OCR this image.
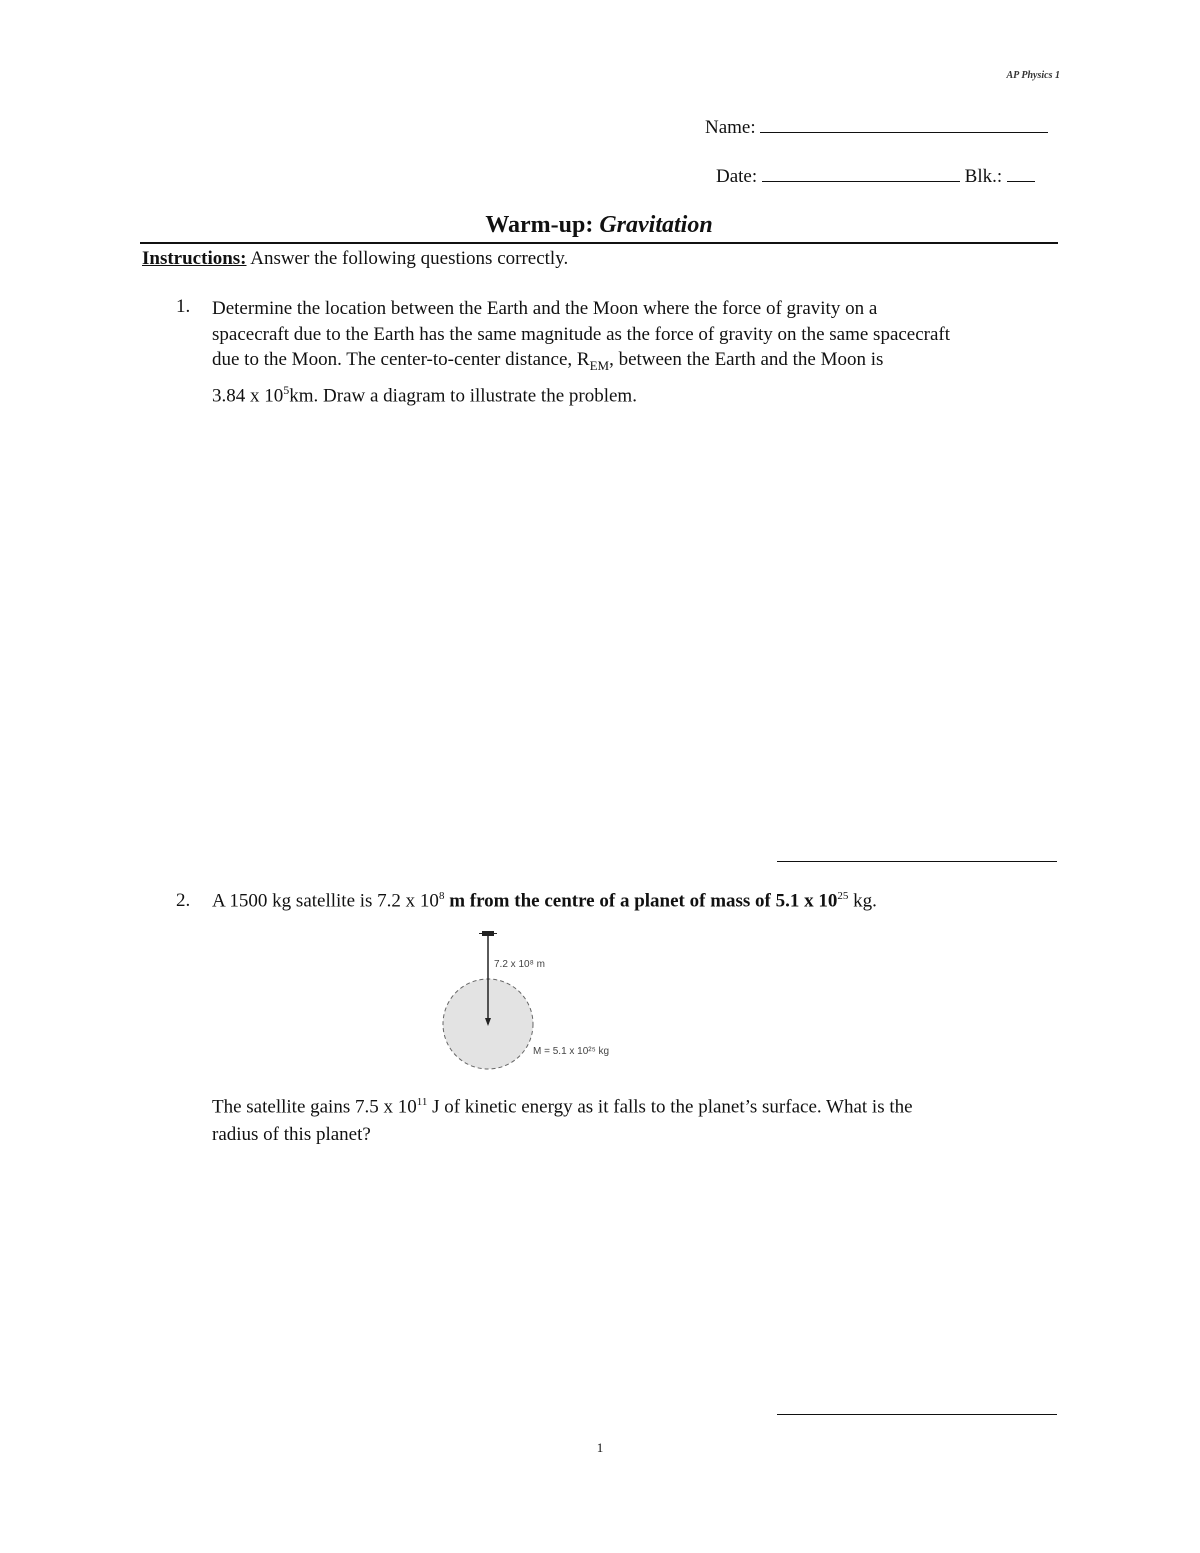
AP Physics 1
Name:
Date:	Blk.:
Warm-up: Gravitation
Instructions: Answer the following questions correctly.
1. Determine the location between the Earth and the Moon where the force of gravity on a
spacecraft due to the Earth has the same magnitude as the force of gravity on the same spacecraft
due to the Moon. The center-to-center distance, $R_{EM}$, between the Earth and the Moon is
3.84 x $10^5km$. Draw a diagram to illustrate the problem.
2. A 1500 kg satellite is 7.2 x $10^8$ m from the centre of a planet of mass of 5.1 x $10^{25}$ kg.
7.2 x 10⁸ m
M = 5.1 x 10²⁵ kg
The satellite gains 7.5 x $10^{11}$ J of kinetic energy as it falls to the planet’s surface. What is the
radius of this planet?
1
